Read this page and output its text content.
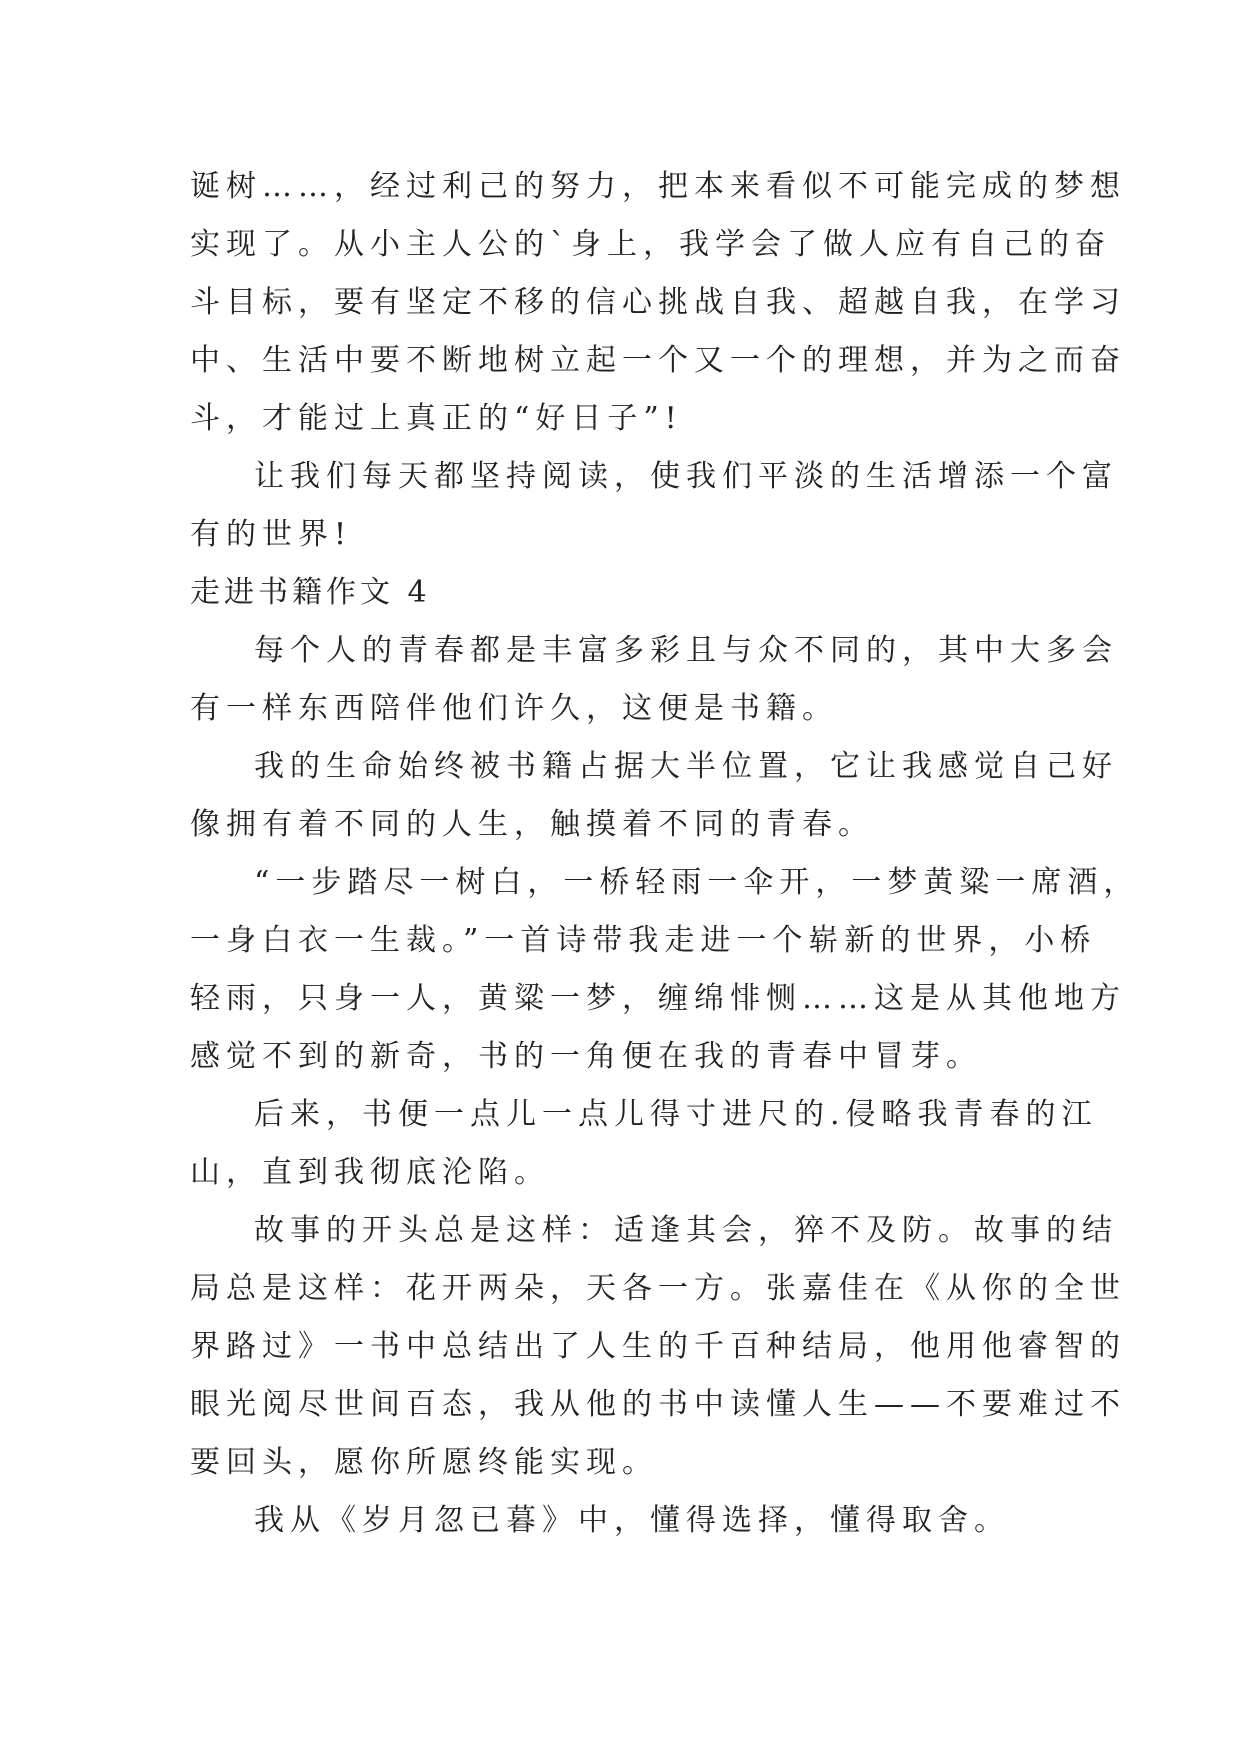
诞树……，经过利己的努力，把本来看似不可能完成的梦想
实现了。从小主人公的`身上，我学会了做人应有自己的奋
斗目标，要有坚定不移的信心挑战自我、超越自我，在学习
中、生活中要不断地树立起一个又一个的理想，并为之而奋
斗，才能过上真正的“好日子”!
让我们每天都坚持阅读，使我们平淡的生活增添一个富
有的世界!
走进书籍作文 4
每个人的青春都是丰富多彩且与众不同的，其中大多会
有一样东西陪伴他们许久，这便是书籍。
我的生命始终被书籍占据大半位置，它让我感觉自己好
像拥有着不同的人生，触摸着不同的青春。
“一步踏尽一树白，一桥轻雨一伞开，一梦黄粱一席酒，
一身白衣一生裁。”一首诗带我走进一个崭新的世界，小桥
轻雨，只身一人，黄粱一梦，缠绵悱恻……这是从其他地方
感觉不到的新奇，书的一角便在我的青春中冒芽。
后来，书便一点儿一点儿得寸进尺的.侵略我青春的江
山，直到我彻底沦陷。
故事的开头总是这样：适逢其会，猝不及防。故事的结
局总是这样：花开两朵，天各一方。张嘉佳在《从你的全世
界路过》一书中总结出了人生的千百种结局，他用他睿智的
眼光阅尽世间百态，我从他的书中读懂人生——不要难过不
要回头，愿你所愿终能实现。
我从《岁月忽已暮》中，懂得选择，懂得取舍。
